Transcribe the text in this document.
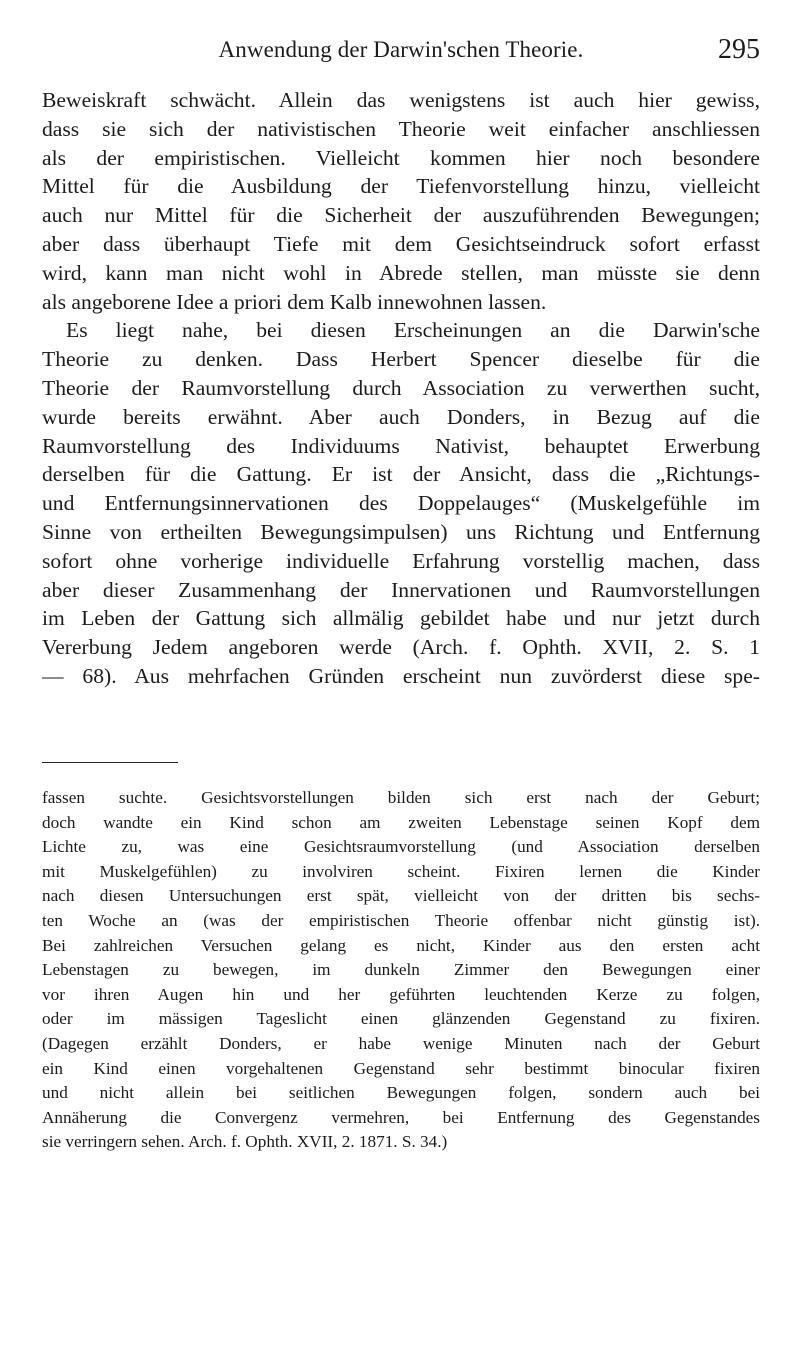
Anwendung der Darwin'schen Theorie.	295
Beweiskraft schwächt. Allein das wenigstens ist auch hier gewiss,
dass sie sich der nativistischen Theorie weit einfacher anschliessen
als der empiristischen. Vielleicht kommen hier noch besondere
Mittel für die Ausbildung der Tiefenvorstellung hinzu, vielleicht
auch nur Mittel für die Sicherheit der auszuführenden Bewegungen;
aber dass überhaupt Tiefe mit dem Gesichtseindruck sofort erfasst
wird, kann man nicht wohl in Abrede stellen, man müsste sie denn
als angeborene Idee a priori dem Kalb innewohnen lassen.
Es liegt nahe, bei diesen Erscheinungen an die Darwin'sche
Theorie zu denken. Dass Herbert Spencer dieselbe für die
Theorie der Raumvorstellung durch Association zu verwerthen sucht,
wurde bereits erwähnt. Aber auch Donders, in Bezug auf die
Raumvorstellung des Individuums Nativist, behauptet Erwerbung
derselben für die Gattung. Er ist der Ansicht, dass die „Richtungs-
und Entfernungsinnervationen des Doppelauges“ (Muskelgefühle im
Sinne von ertheilten Bewegungsimpulsen) uns Richtung und Entfernung
sofort ohne vorherige individuelle Erfahrung vorstellig machen, dass
aber dieser Zusammenhang der Innervationen und Raumvorstellungen
im Leben der Gattung sich allmälig gebildet habe und nur jetzt durch
Vererbung Jedem angeboren werde (Arch. f. Ophth. XVII, 2. S. 1
— 68). Aus mehrfachen Gründen erscheint nun zuvörderst diese spe-
fassen suchte. Gesichtsvorstellungen bilden sich erst nach der Geburt;
doch wandte ein Kind schon am zweiten Lebenstage seinen Kopf dem
Lichte zu, was eine Gesichtsraumvorstellung (und Association derselben
mit Muskelgefühlen) zu involviren scheint. Fixiren lernen die Kinder
nach diesen Untersuchungen erst spät, vielleicht von der dritten bis sechs-
ten Woche an (was der empiristischen Theorie offenbar nicht günstig ist).
Bei zahlreichen Versuchen gelang es nicht, Kinder aus den ersten acht
Lebenstagen zu bewegen, im dunkeln Zimmer den Bewegungen einer
vor ihren Augen hin und her geführten leuchtenden Kerze zu folgen,
oder im mässigen Tageslicht einen glänzenden Gegenstand zu fixiren.
(Dagegen erzählt Donders, er habe wenige Minuten nach der Geburt
ein Kind einen vorgehaltenen Gegenstand sehr bestimmt binocular fixiren
und nicht allein bei seitlichen Bewegungen folgen, sondern auch bei
Annäherung die Convergenz vermehren, bei Entfernung des Gegenstandes
sie verringern sehen. Arch. f. Ophth. XVII, 2. 1871. S. 34.)
